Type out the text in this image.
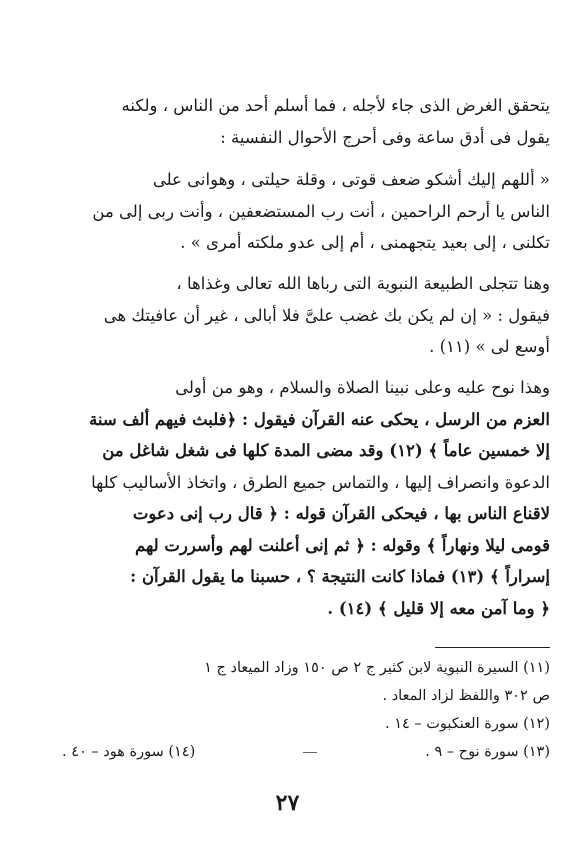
يتحقق الغرض الذى جاء لأجله ، فما أسلم أحد من الناس ، ولكنه
يقول فى أدق ساعة وفى أحرج الأحوال النفسية :
« أللهم إليك أشكو ضعف قوتى ، وقلة حيلتى ، وهوانى على
الناس يا أرحم الراحمين ، أنت رب المستضعفين ، وأنت ربى إلى من
تكلنى ، إلى بعيد يتجهمنى ، أم إلى عدو ملكته أمرى » .
وهنا تتجلى الطبيعة النبوية التى رباها الله تعالى وغذاها ،
فيقول : « إن لم يكن بك غضب علىَّ فلا أبالى ، غير أن عافيتك هى
أوسع لى » (١١) .
وهذا نوح عليه وعلى نبينا الصلاة والسلام ، وهو من أولى
العزم من الرسل ، يحكى عنه القرآن فيقول : ﴿فلبث فيهم ألف سنة
إلا خمسين عاماً ﴾ (١٢) وقد مضى المدة كلها فى شغل شاغل من
الدعوة وانصراف إليها ، والتماس جميع الطرق ، واتخاذ الأساليب كلها
لاقناع الناس بها ، فيحكى القرآن قوله : ﴿ قال رب إنى دعوت
قومى ليلا ونهاراً ﴾ وقوله : ﴿ ثم إنى أعلنت لهم وأسررت لهم
إسراراً ﴾ (١٣) فماذا كانت النتيجة ؟ ، حسبنا ما يقول القرآن :
﴿ وما آمن معه إلا قليل ﴾ (١٤) .
(١١) السيرة النبوية لابن كثير ج ٢ ص ١٥٠ وزاد الميعاد ج ١
ص ٣٠٢ واللفظ لزاد المعاد .
(١٢) سورة العنكبوت – ١٤ .
(١٣) سورة نوح – ٩ .
(١٤) سورة هود – ٤٠ .
٢٧
